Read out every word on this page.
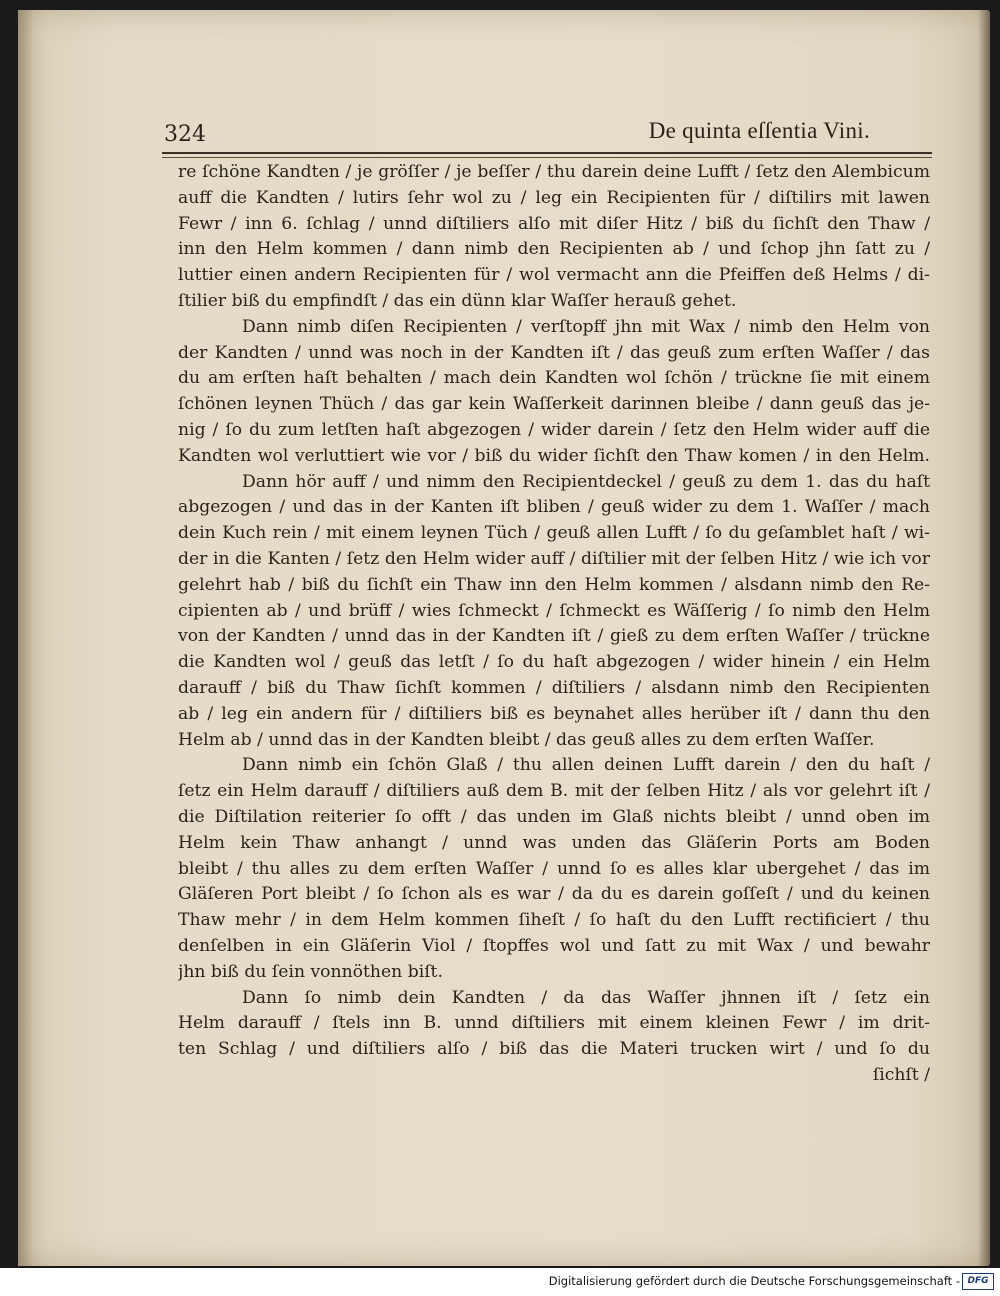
324	De quinta eſſentia Vini.
re ſchöne Kandten / je gröſſer / je beſſer / thu darein deine Lufft / ſetz den Alembicum
auff die Kandten / lutirs ſehr wol zu / leg ein Recipienten für / diſtilirs mit lawen
Fewr / inn 6. ſchlag / unnd diſtiliers alſo mit diſer Hitz / biß du ſichſt den Thaw /
inn den Helm kommen / dann nimb den Recipienten ab / und ſchop jhn ſatt zu /
luttier einen andern Recipienten für / wol vermacht ann die Pfeiffen deß Helms / di-
ſtilier biß du empfindſt / das ein dünn klar Waſſer herauß gehet.
Dann nimb diſen Recipienten / verſtopff jhn mit Wax / nimb den Helm von
der Kandten / unnd was noch in der Kandten iſt / das geuß zum erſten Waſſer / das
du am erſten haſt behalten / mach dein Kandten wol ſchön / trückne ſie mit einem
ſchönen leynen Thüch / das gar kein Waſſerkeit darinnen bleibe / dann geuß das je-
nig / ſo du zum letſten haſt abgezogen / wider darein / ſetz den Helm wider auff die
Kandten wol verluttiert wie vor / biß du wider ſichſt den Thaw komen / in den Helm.
Dann hör auff / und nimm den Recipientdeckel / geuß zu dem 1. das du haſt
abgezogen / und das in der Kanten iſt bliben / geuß wider zu dem 1. Waſſer / mach
dein Kuch rein / mit einem leynen Tüch / geuß allen Lufft / ſo du geſamblet haſt / wi-
der in die Kanten / ſetz den Helm wider auff / diſtilier mit der ſelben Hitz / wie ich vor
gelehrt hab / biß du ſichſt ein Thaw inn den Helm kommen / alsdann nimb den Re-
cipienten ab / und brüff / wies ſchmeckt / ſchmeckt es Wäſſerig / ſo nimb den Helm
von der Kandten / unnd das in der Kandten iſt / gieß zu dem erſten Waſſer / trückne
die Kandten wol / geuß das letſt / ſo du haſt abgezogen / wider hinein / ein Helm
darauff / biß du Thaw ſichſt kommen / diſtiliers / alsdann nimb den Recipienten
ab / leg ein andern für / diſtiliers biß es beynahet alles herüber iſt / dann thu den
Helm ab / unnd das in der Kandten bleibt / das geuß alles zu dem erſten Waſſer.
Dann nimb ein ſchön Glaß / thu allen deinen Lufft darein / den du haſt /
ſetz ein Helm darauff / diſtiliers auß dem B. mit der ſelben Hitz / als vor gelehrt iſt /
die Diſtilation reiterier ſo offt / das unden im Glaß nichts bleibt / unnd oben im
Helm kein Thaw anhangt / unnd was unden das Gläſerin Ports am Boden
bleibt / thu alles zu dem erſten Waſſer / unnd ſo es alles klar ubergehet / das im
Gläſeren Port bleibt / ſo ſchon als es war / da du es darein goſſeſt / und du keinen
Thaw mehr / in dem Helm kommen ſiheſt / ſo haſt du den Lufft rectificiert / thu
denſelben in ein Gläſerin Viol / ſtopffes wol und ſatt zu mit Wax / und bewahr
jhn biß du ſein vonnöthen biſt.
Dann ſo nimb dein Kandten / da das Waſſer jhnnen iſt / ſetz ein
Helm darauff / ſtels inn B. unnd diſtiliers mit einem kleinen Fewr / im drit-
ten Schlag / und diſtiliers alſo / biß das die Materi trucken wirt / und ſo du
ſichſt /
Digitalisierung gefördert durch die Deutsche Forschungsgemeinschaft - DFG
